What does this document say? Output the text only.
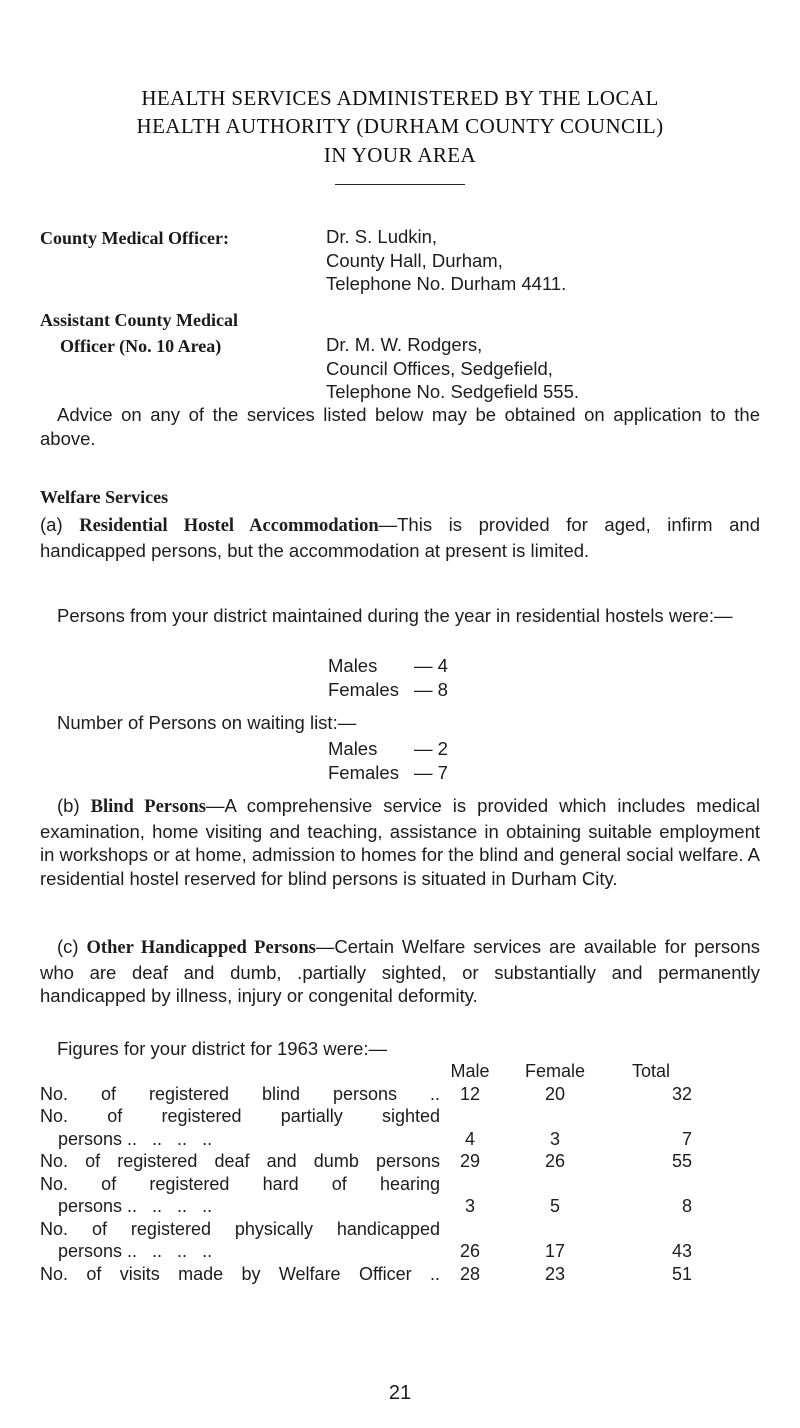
HEALTH SERVICES ADMINISTERED BY THE LOCAL
HEALTH AUTHORITY (DURHAM COUNTY COUNCIL)
IN YOUR AREA
County Medical Officer:	Dr. S. Ludkin,
County Hall, Durham,
Telephone No. Durham 4411.
Assistant County Medical
Officer (No. 10 Area)	Dr. M. W. Rodgers,
Council Offices, Sedgefield,
Telephone No. Sedgefield 555.
Advice on any of the services listed below may be obtained on application to the above.
Welfare Services
(a) Residential Hostel Accommodation—This is provided for aged, infirm and handicapped persons, but the accommodation at present is limited.
Persons from your district maintained during the year in residential hostels were:—
Males — 4
Females — 8
Number of Persons on waiting list:—
Males — 2
Females — 7
(b) Blind Persons—A comprehensive service is provided which includes medical examination, home visiting and teaching, assistance in obtaining suitable employment in workshops or at home, admission to homes for the blind and general social welfare. A residential hostel reserved for blind persons is situated in Durham City.
(c) Other Handicapped Persons—Certain Welfare services are available for persons who are deaf and dumb, .partially sighted, or substantially and permanently handicapped by illness, injury or congenital deformity.
Figures for your district for 1963 were:—
	Male	Female	Total
No. of registered blind persons ..	12	20	32
No. of registered partially sighted
persons ..   ..   ..   ..	4	3	7
No. of registered deaf and dumb persons	29	26	55
No. of registered hard of hearing
persons ..   ..   ..   ..	3	5	8
No. of registered physically handicapped
persons ..   ..   ..   ..	26	17	43
No. of visits made by Welfare Officer ..	28	23	51
21
